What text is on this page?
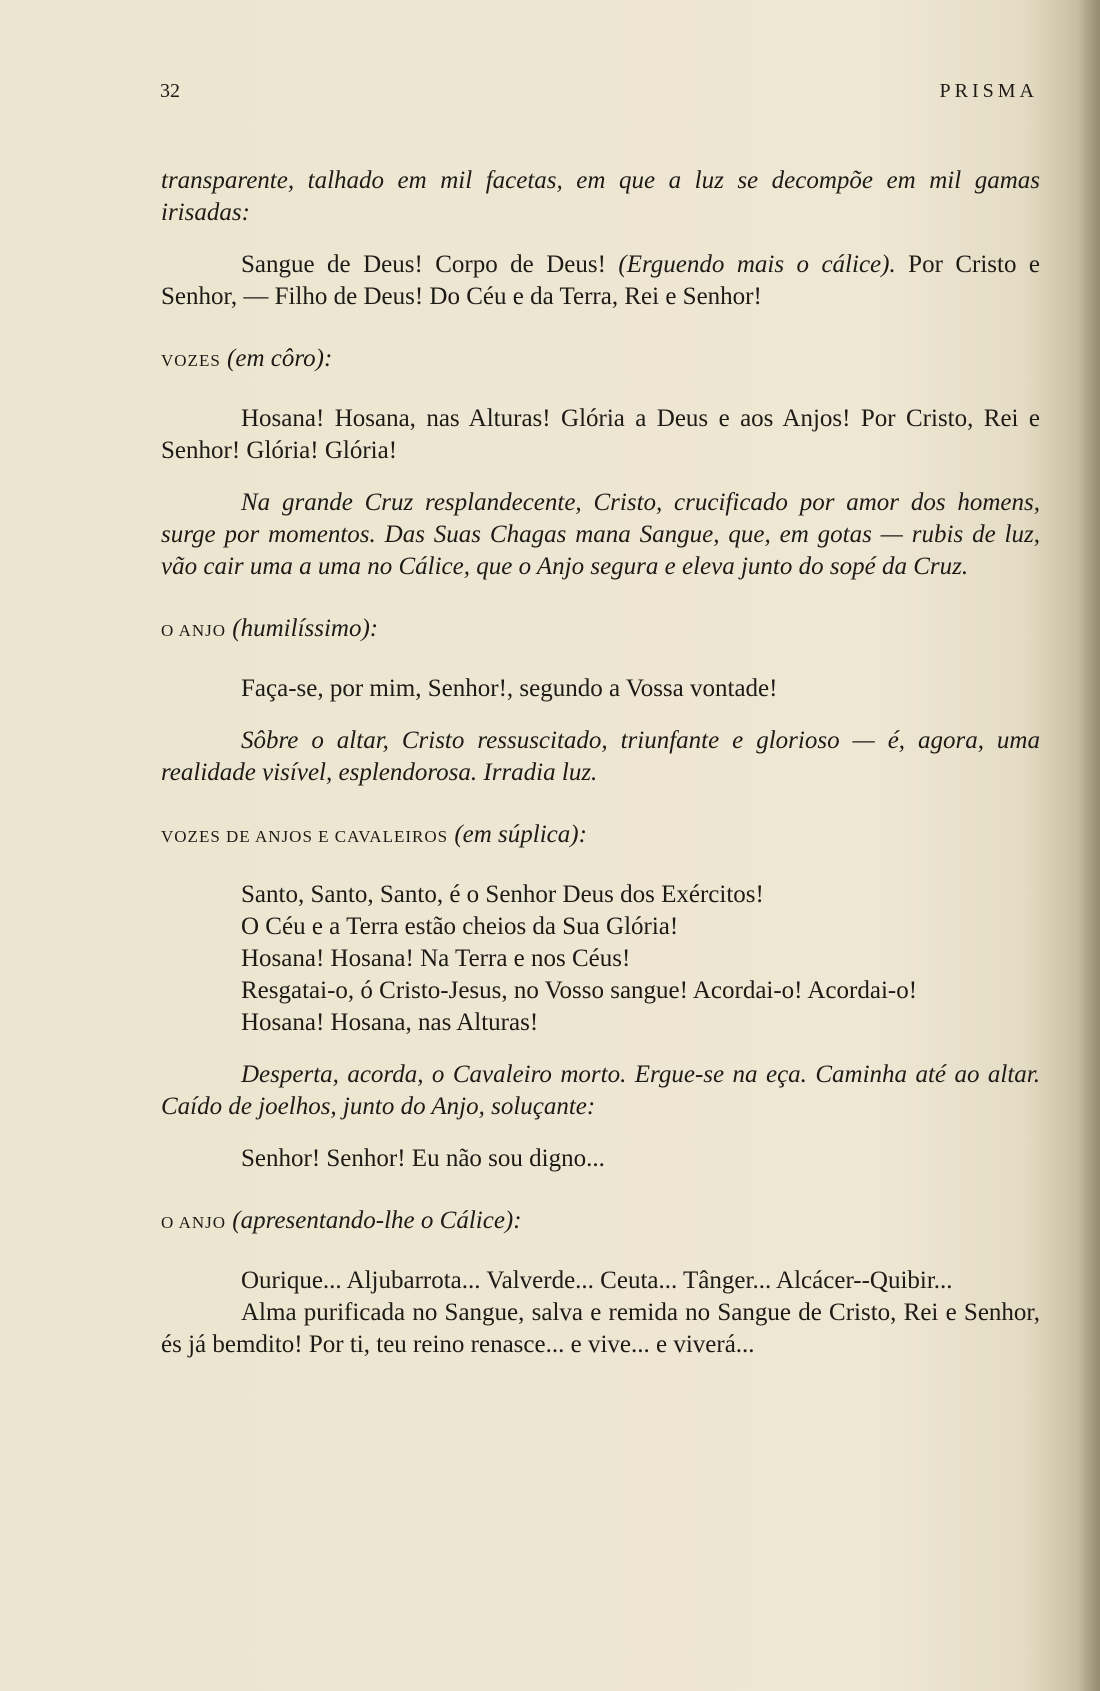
32	PRISMA

transparente, talhado em mil facetas, em que a luz se decompõe em mil gamas irisadas:

Sangue de Deus! Corpo de Deus! (Erguendo mais o cálice). Por Cristo e Senhor, — Filho de Deus! Do Céu e da Terra, Rei e Senhor!

VOZES (em côro):

Hosana! Hosana, nas Alturas! Glória a Deus e aos Anjos! Por Cristo, Rei e Senhor! Glória! Glória!

Na grande Cruz resplandecente, Cristo, crucificado por amor dos homens, surge por momentos. Das Suas Chagas mana Sangue, que, em gotas — rubis de luz, vão cair uma a uma no Cálice, que o Anjo segura e eleva junto do sopé da Cruz.

O ANJO (humilíssimo):

Faça-se, por mim, Senhor!, segundo a Vossa vontade!

Sôbre o altar, Cristo ressuscitado, triunfante e glorioso — é, agora, uma realidade visível, esplendorosa. Irradia luz.

VOZES DE ANJOS E CAVALEIROS (em súplica):

Santo, Santo, Santo, é o Senhor Deus dos Exércitos!

O Céu e a Terra estão cheios da Sua Glória!

Hosana! Hosana! Na Terra e nos Céus!

Resgatai-o, ó Cristo-Jesus, no Vosso sangue! Acordai-o! Acordai-o!

Hosana! Hosana, nas Alturas!

Desperta, acorda, o Cavaleiro morto. Ergue-se na eça. Caminha até ao altar. Caído de joelhos, junto do Anjo, soluçante:

Senhor! Senhor! Eu não sou digno...

O ANJO (apresentando-lhe o Cálice):

Ourique... Aljubarrota... Valverde... Ceuta... Tânger... Alcácer--Quibir...

Alma purificada no Sangue, salva e remida no Sangue de Cristo, Rei e Senhor, és já bemdito! Por ti, teu reino renasce... e vive... e viverá...
